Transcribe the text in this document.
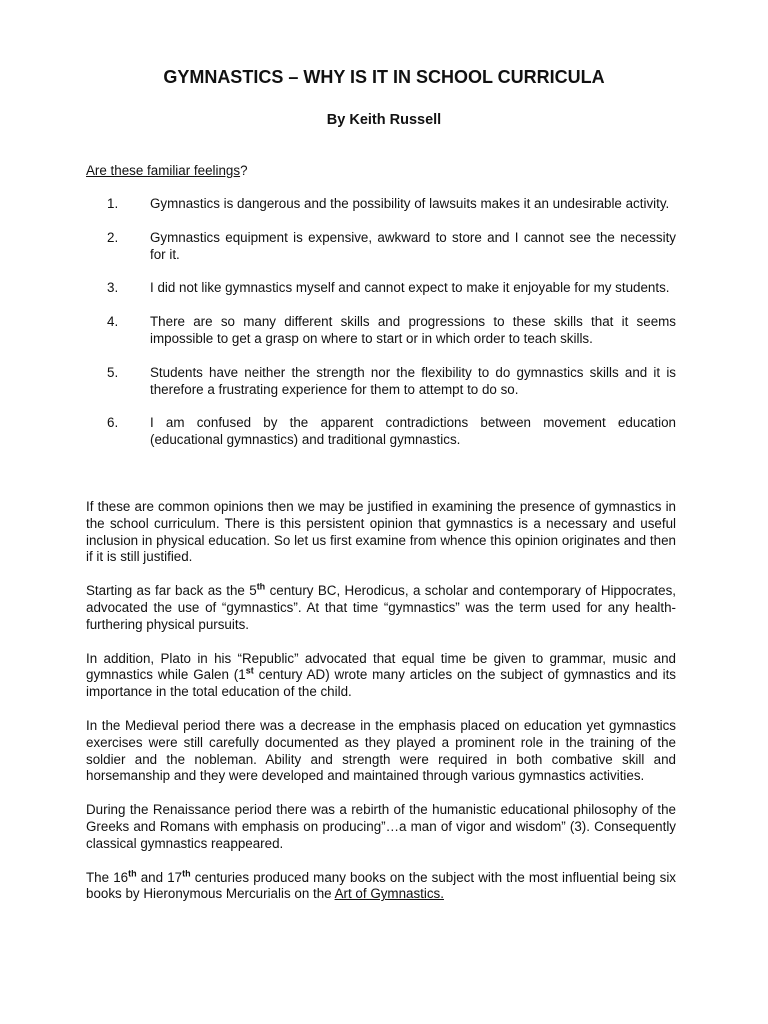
GYMNASTICS – WHY IS IT IN SCHOOL CURRICULA
By Keith Russell

Are these familiar feelings?

1. Gymnastics is dangerous and the possibility of lawsuits makes it an undesirable activity.
2. Gymnastics equipment is expensive, awkward to store and I cannot see the necessity for it.
3. I did not like gymnastics myself and cannot expect to make it enjoyable for my students.
4. There are so many different skills and progressions to these skills that it seems impossible to get a grasp on where to start or in which order to teach skills.
5. Students have neither the strength nor the flexibility to do gymnastics skills and it is therefore a frustrating experience for them to attempt to do so.
6. I am confused by the apparent contradictions between movement education (educational gymnastics) and traditional gymnastics.

If these are common opinions then we may be justified in examining the presence of gymnastics in the school curriculum. There is this persistent opinion that gymnastics is a necessary and useful inclusion in physical education. So let us first examine from whence this opinion originates and then if it is still justified.

Starting as far back as the 5th century BC, Herodicus, a scholar and contemporary of Hippocrates, advocated the use of “gymnastics”. At that time “gymnastics” was the term used for any health-furthering physical pursuits.

In addition, Plato in his “Republic” advocated that equal time be given to grammar, music and gymnastics while Galen (1st century AD) wrote many articles on the subject of gymnastics and its importance in the total education of the child.

In the Medieval period there was a decrease in the emphasis placed on education yet gymnastics exercises were still carefully documented as they played a prominent role in the training of the soldier and the nobleman. Ability and strength were required in both combative skill and horsemanship and they were developed and maintained through various gymnastics activities.

During the Renaissance period there was a rebirth of the humanistic educational philosophy of the Greeks and Romans with emphasis on producing”…a man of vigor and wisdom” (3). Consequently classical gymnastics reappeared.

The 16th and 17th centuries produced many books on the subject with the most influential being six books by Hieronymous Mercurialis on the Art of Gymnastics.
